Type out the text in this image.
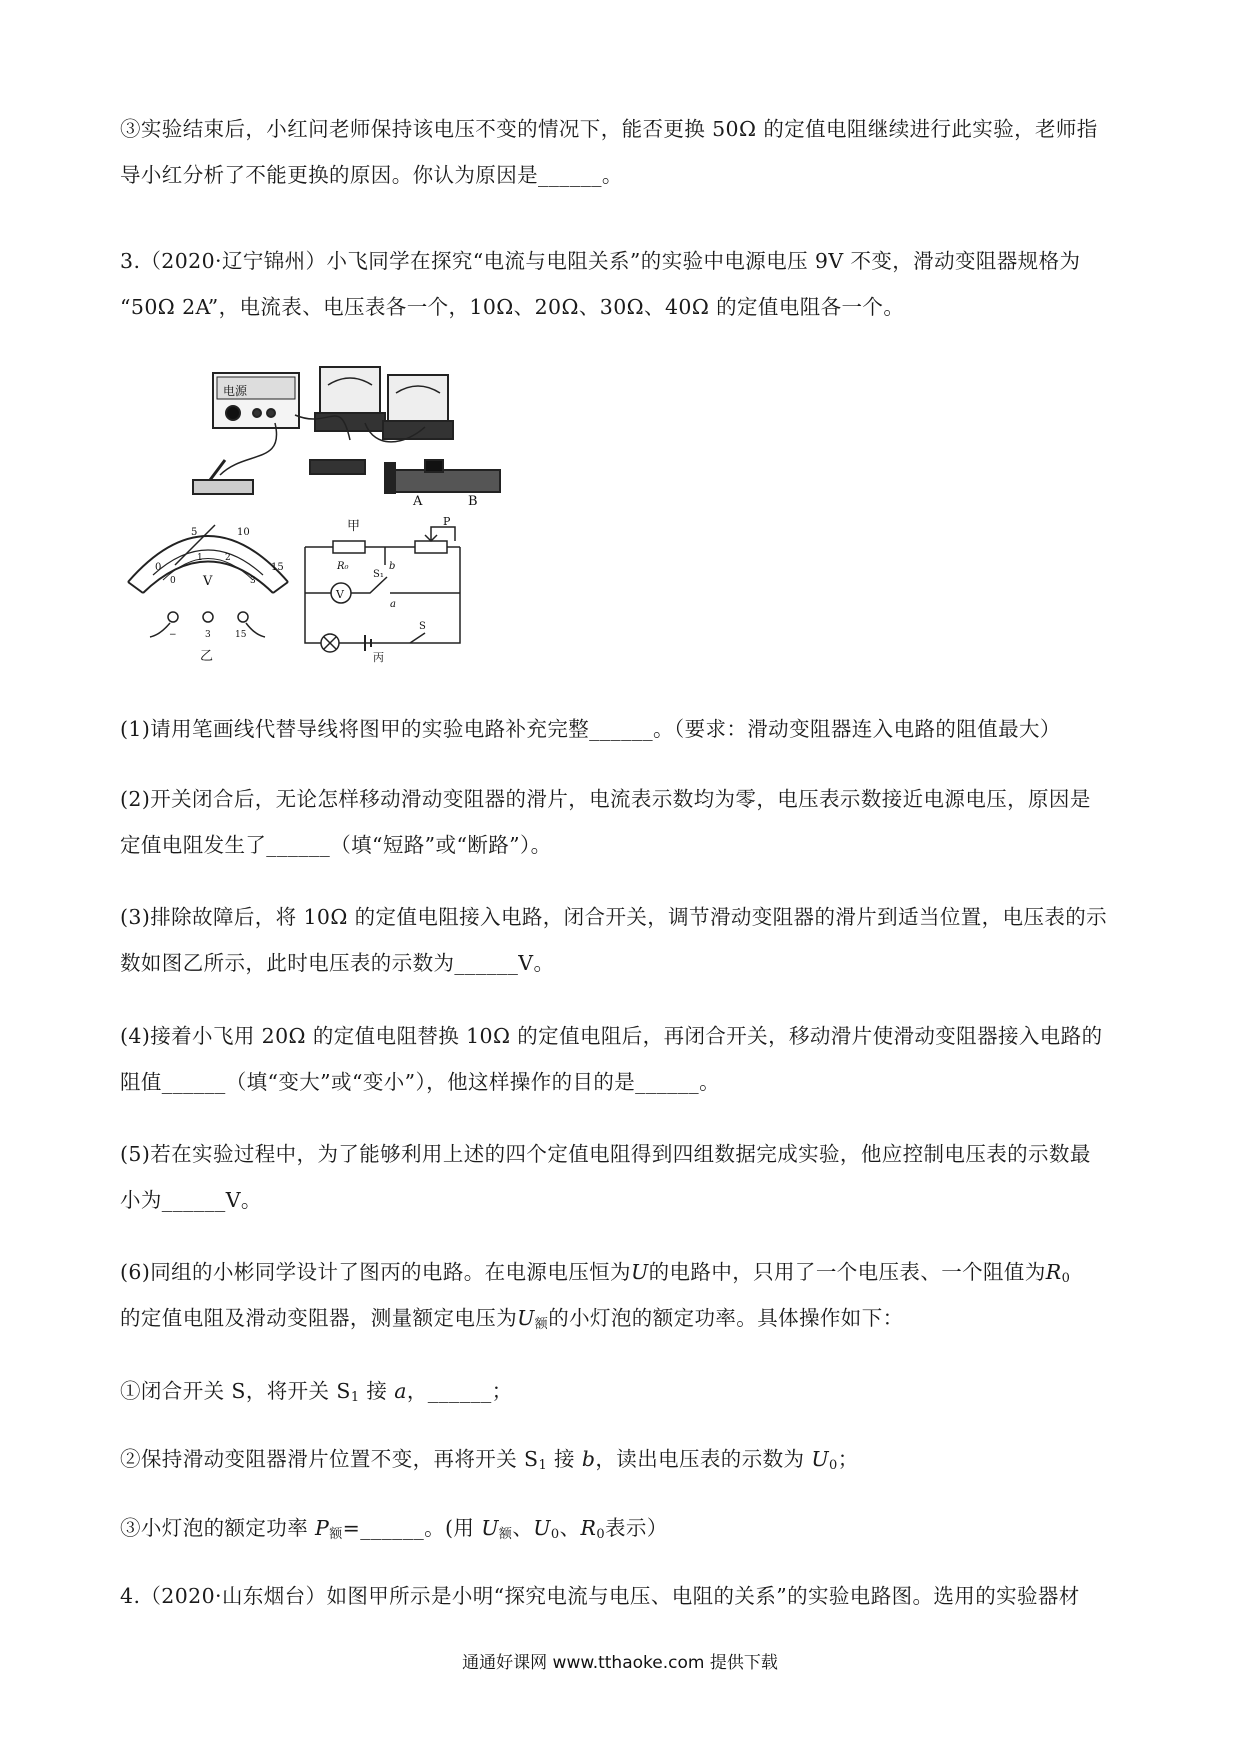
③实验结束后，小红问老师保持该电压不变的情况下，能否更换 50Ω 的定值电阻继续进行此实验，老师指
导小红分析了不能更换的原因。你认为原因是______。
3.（2020·辽宁锦州）小飞同学在探究“电流与电阻关系”的实验中电源电压 9V 不变，滑动变阻器规格为
“50Ω 2A”，电流表、电压表各一个，10Ω、20Ω、30Ω、40Ω 的定值电阻各一个。
电源
A	B
甲
0
5	10
15
0
1 2
3
V
−	3	15
乙
P
R₀
V
S₁
b
a
S
丙
(1)请用笔画线代替导线将图甲的实验电路补充完整______。（要求：滑动变阻器连入电路的阻值最大）
(2)开关闭合后，无论怎样移动滑动变阻器的滑片，电流表示数均为零，电压表示数接近电源电压，原因是
定值电阻发生了______（填“短路”或“断路”）。
(3)排除故障后，将 10Ω 的定值电阻接入电路，闭合开关，调节滑动变阻器的滑片到适当位置，电压表的示
数如图乙所示，此时电压表的示数为______V。
(4)接着小飞用 20Ω 的定值电阻替换 10Ω 的定值电阻后，再闭合开关，移动滑片使滑动变阻器接入电路的
阻值______（填“变大”或“变小”），他这样操作的目的是______。
(5)若在实验过程中，为了能够利用上述的四个定值电阻得到四组数据完成实验，他应控制电压表的示数最
小为______V。
(6)同组的小彬同学设计了图丙的电路。在电源电压恒为U的电路中，只用了一个电压表、一个阻值为$R_0$
的定值电阻及滑动变阻器，测量额定电压为$U_额$的小灯泡的额定功率。具体操作如下：
①闭合开关 S，将开关 $S_1$ 接 a，______；
②保持滑动变阻器滑片位置不变，再将开关 $S_1$ 接 b，读出电压表的示数为 $U_0$；
③小灯泡的额定功率 $P_额=\_\_\_\_\_\_$。(用 $U_额$、$U_0$、$R_0$表示）
4.（2020·山东烟台）如图甲所示是小明“探究电流与电压、电阻的关系”的实验电路图。选用的实验器材
通通好课网 www.tthaoke.com 提供下载
